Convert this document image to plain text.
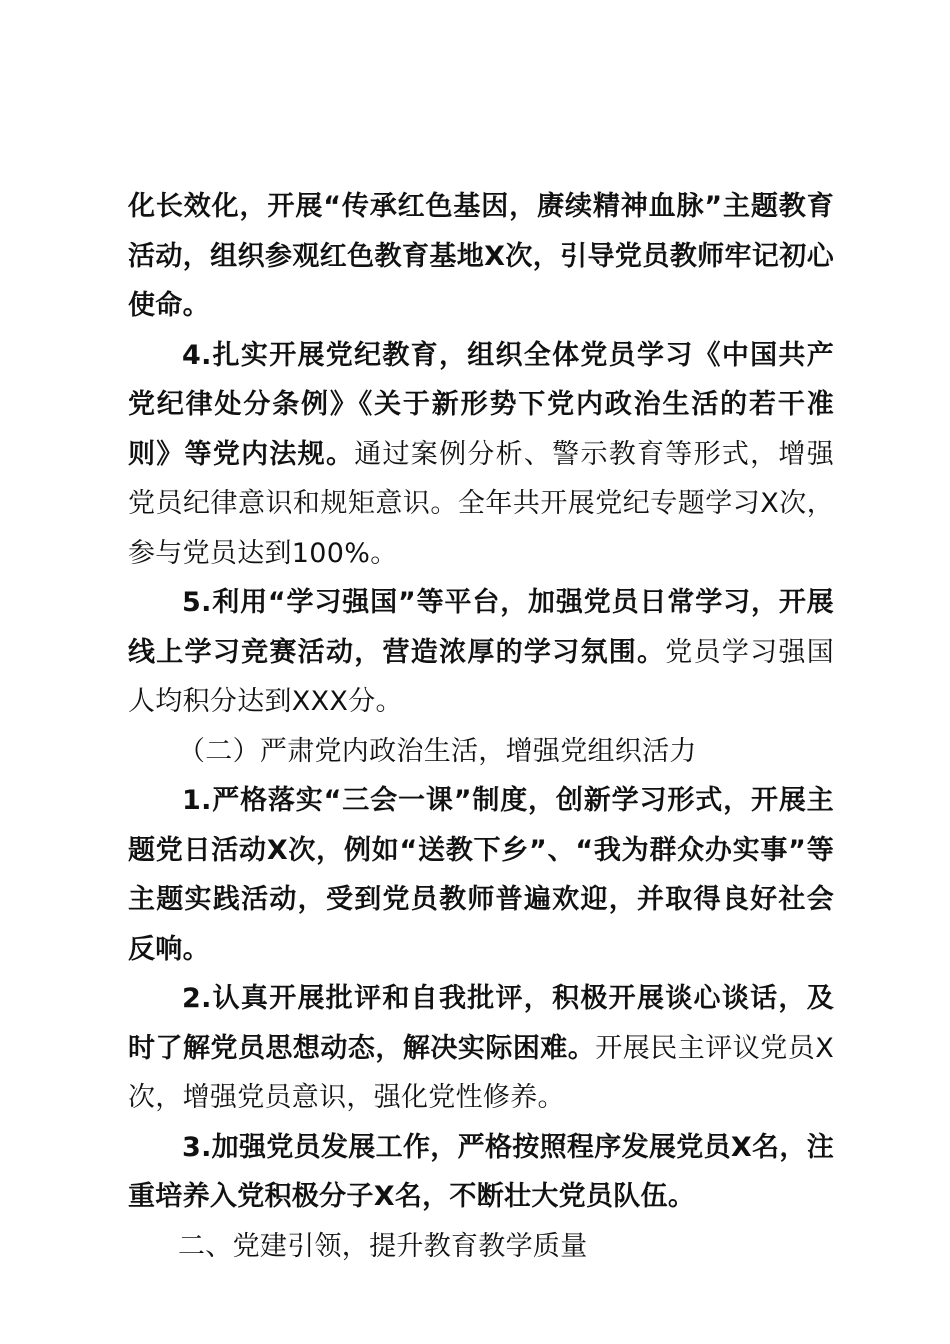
化长效化，开展“传承红色基因，赓续精神血脉”主题教育活动，组织参观红色教育基地X次，引导党员教师牢记初心使命。

4.扎实开展党纪教育，组织全体党员学习《中国共产党纪律处分条例》《关于新形势下党内政治生活的若干准则》等党内法规。通过案例分析、警示教育等形式，增强党员纪律意识和规矩意识。全年共开展党纪专题学习X次，参与党员达到100%。

5.利用“学习强国”等平台，加强党员日常学习，开展线上学习竞赛活动，营造浓厚的学习氛围。党员学习强国人均积分达到XXX分。

（二）严肃党内政治生活，增强党组织活力

1.严格落实“三会一课”制度，创新学习形式，开展主题党日活动X次，例如“送教下乡”、“我为群众办实事”等主题实践活动，受到党员教师普遍欢迎，并取得良好社会反响。

2.认真开展批评和自我批评，积极开展谈心谈话，及时了解党员思想动态，解决实际困难。开展民主评议党员X次，增强党员意识，强化党性修养。

3.加强党员发展工作，严格按照程序发展党员X名，注重培养入党积极分子X名，不断壮大党员队伍。

二、党建引领，提升教育教学质量
